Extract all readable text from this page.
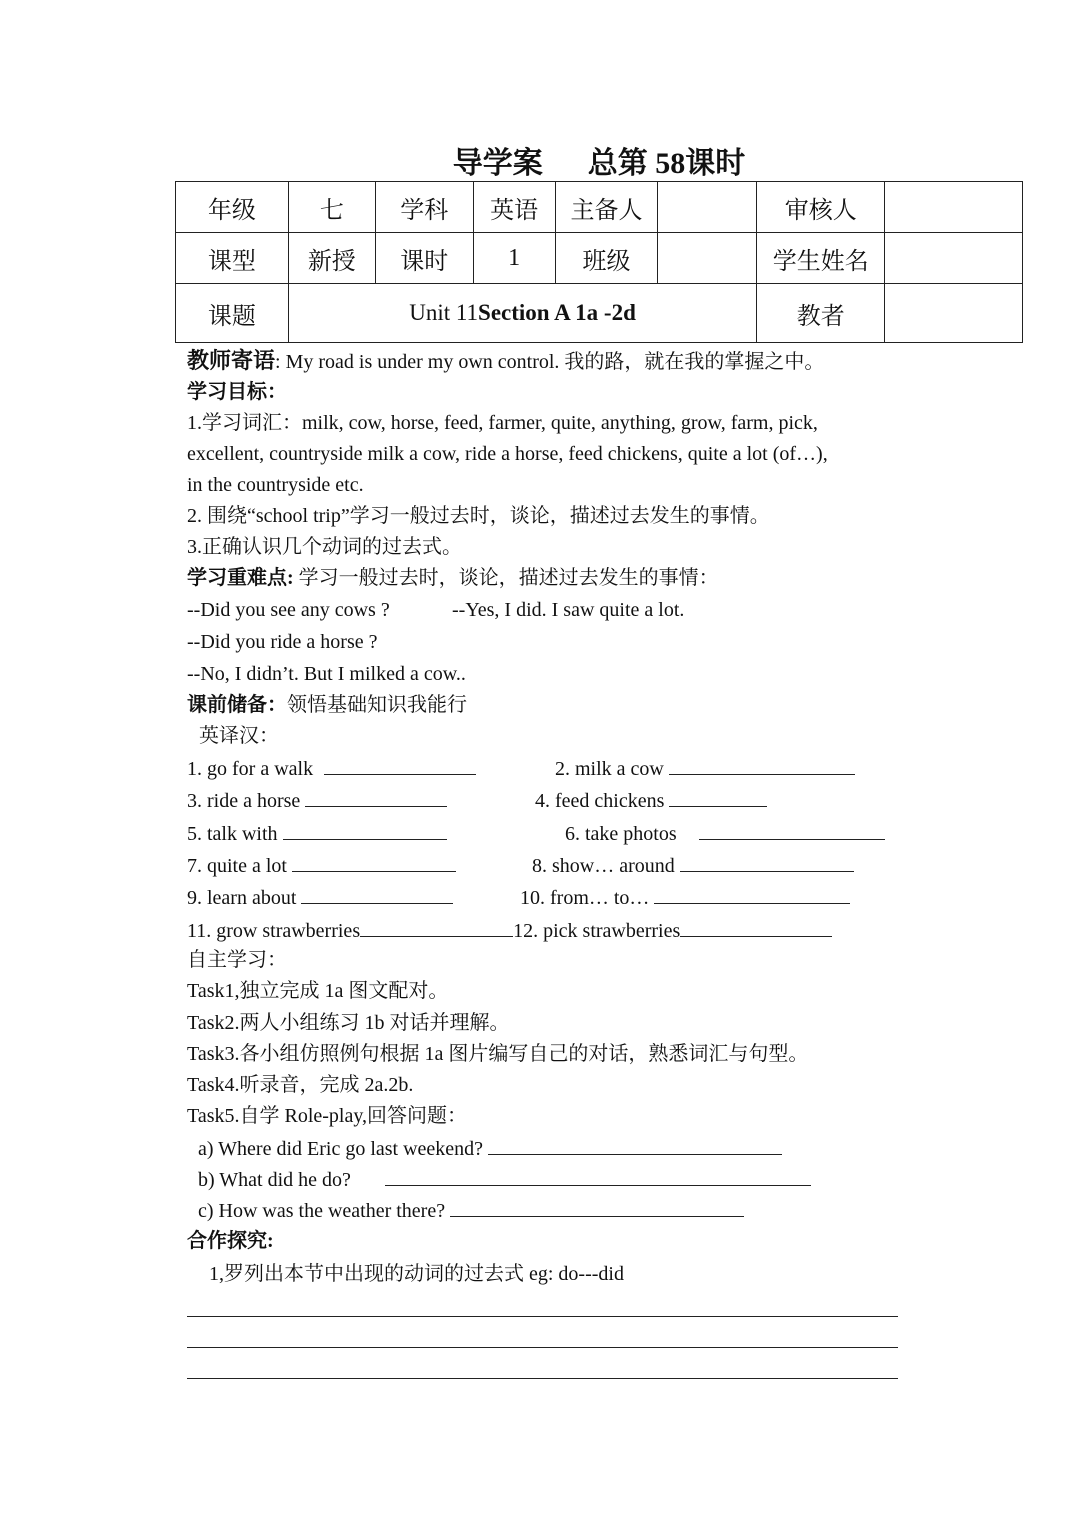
导学案 总第 58课时
年级	七	学科	英语	主备人		审核人	
课型	新授	课时	1	班级		学生姓名	
课题	Unit 11Section A 1a -2d					教者	
教师寄语: My road is under my own control. 我的路，就在我的掌握之中。
学习目标：
1.学习词汇：milk, cow, horse, feed, farmer, quite, anything, grow, farm, pick,
excellent, countryside milk a cow, ride a horse, feed chickens, quite a lot (of…),
in the countryside etc.
2. 围绕“school trip”学习一般过去时，谈论，描述过去发生的事情。
3.正确认识几个动词的过去式。
学习重难点: 学习一般过去时，谈论，描述过去发生的事情：
--Did you see any cows ?	--Yes, I did. I saw quite a lot.
--Did you ride a horse ?
--No, I didn’t. But I milked a cow..
课前储备：领悟基础知识我能行
英译汉：
1. go for a walk	2. milk a cow
3. ride a horse	4. feed chickens
5. talk with	6. take photos
7. quite a lot	8. show… around
9. learn about	10. from… to…
11. grow strawberries	12. pick strawberries
自主学习：
Task1,独立完成 1a 图文配对。
Task2.两人小组练习 1b 对话并理解。
Task3.各小组仿照例句根据 1a 图片编写自己的对话，熟悉词汇与句型。
Task4.听录音，完成 2a.2b.
Task5.自学 Role-play,回答问题：
a) Where did Eric go last weekend?
b) What did he do?
c) How was the weather there?
合作探究:
1,罗列出本节中出现的动词的过去式 eg: do---did
